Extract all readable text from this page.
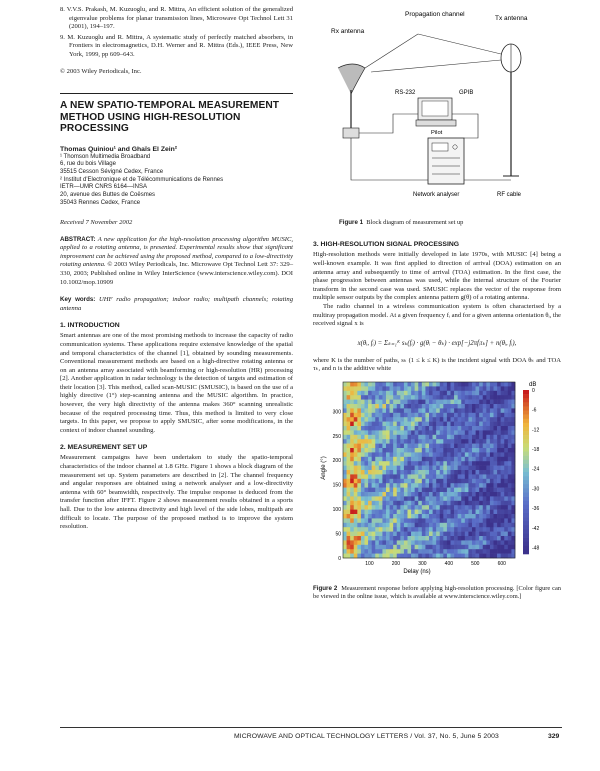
8. V.V.S. Prakash, M. Kuzuoglu, and R. Mittra, An efficient solution of the generalized eigenvalue problems for planar transmission lines, Microwave Opt Technol Lett 31 (2001), 194–197.

9. M. Kuzuoglu and R. Mittra, A systematic study of perfectly matched absorbers, in Frontiers in electromagnetics, D.H. Werner and R. Mittra (Eds.), IEEE Press, New York, 1999, pp 609–643.

© 2003 Wiley Periodicals, Inc.

A NEW SPATIO-TEMPORAL MEASUREMENT METHOD USING HIGH-RESOLUTION PROCESSING

Thomas Quiniou¹ and Ghaïs El Zein²

¹ Thomson Multimedia Broadband

6, rue du bois Village

35515 Cesson Sévigné Cedex, France

² Institut d'Electronique et de Télécommunications de Rennes

IETR—UMR CNRS 6164—INSA

20, avenue des Buttes de Coësmes

35043 Rennes Cedex, France

Received 7 November 2002

ABSTRACT: A new application for the high-resolution processing algorithm MUSIC, applied to a rotating antenna, is presented. Experimental results show that significant improvement can be achieved using the proposed method, compared to a low-directivity rotating antenna. © 2003 Wiley Periodicals, Inc. Microwave Opt Technol Lett 37: 329–330, 2003; Published online in Wiley InterScience (www.interscience.wiley.com). DOI 10.1002/mop.10909

Key words: UHF radio propagation; indoor radio; multipath channels; rotating antenna

1. INTRODUCTION

Smart antennas are one of the most promising methods to increase the capacity of radio communication systems. These applications require extensive knowledge of the spatial and temporal characteristics of the channel [1], obtained by sounding measurements. Conventional measurement methods are based on a high-directive rotating antenna or on an antenna array associated with beamforming or high-resolution (HR) processing [2]. Another application in radar technology is the detection of targets and estimation of their location [3]. This method, called scan-MUSIC (SMUSIC), is based on the use of a highly directive (1°) step-scanning antenna and the MUSIC algorithm. In practice, however, the very high directivity of the antenna makes 360° scanning unrealistic because of the required processing time. Thus, this method is limited to very close targets. In this paper, we propose to apply SMUSIC, after some modifications, in the context of indoor channel sounding.

2. MEASUREMENT SET UP

Measurement campaigns have been undertaken to study the spatio-temporal characteristics of the indoor channel at 1.8 GHz. Figure 1 shows a block diagram of the measurement set up. System parameters are described in [2]. The channel frequency and angular responses are obtained using a network analyser and a low-directivity antenna with 60° beamwidth, respectively. The impulse response is deduced from the transfer function after IFFT. Figure 2 shows measurement results obtained in a sports hall. Due to the low antenna directivity and high level of the side lobes, multipath are difficult to locate. The purpose of the proposed method is to improve the system resolution.

Propagation channel
Tx antenna
Rx antenna
RS-232	GPIB
Pilot
Network analyser	RF cable

Figure 1 Block diagram of measurement set up

3. HIGH-RESOLUTION SIGNAL PROCESSING

High-resolution methods were initially developed in late 1970s, with MUSIC [4] being a well-known example. It was first applied to direction of arrival (DOA) estimation on an antenna array and subsequently to time of arrival (TOA) estimation. In the first case, the phase progression between antennas was used, while the internal structure of the Fourier transform in the second case was used. SMUSIC replaces the vector of the response from multiple sensor outputs by the complex antenna pattern g(θ) of a rotating antenna.

The radio channel in a wireless communication system is often characterised by a multiray propagation model. At a given frequency fᵢ and for a given antenna orientation θᵢ, the received signal x is

x(θᵢ, fᵢ) = Σₖ₌₁ᴷ sₖ(fᵢ) · g(θᵢ − θₖ) · exp[−j2πfᵢτₖ] + n(θᵢ, fᵢ),

where K is the number of paths, sₖ (1 ≤ k ≤ K) is the incident signal with DOA θₖ and TOA τₖ, and n is the additive white

100	200	300	400	500	600
0
50
100
150
200
250
300
0
-6
-12
-18
-24
-30
-36
-42
-48
Angle (°)
Delay (ns)
dB

Figure 2 Measurement response before applying high-resolution processing. [Color figure can be viewed in the online issue, which is available at www.interscience.wiley.com.]

MICROWAVE AND OPTICAL TECHNOLOGY LETTERS / Vol. 37, No. 5, June 5 2003	329
